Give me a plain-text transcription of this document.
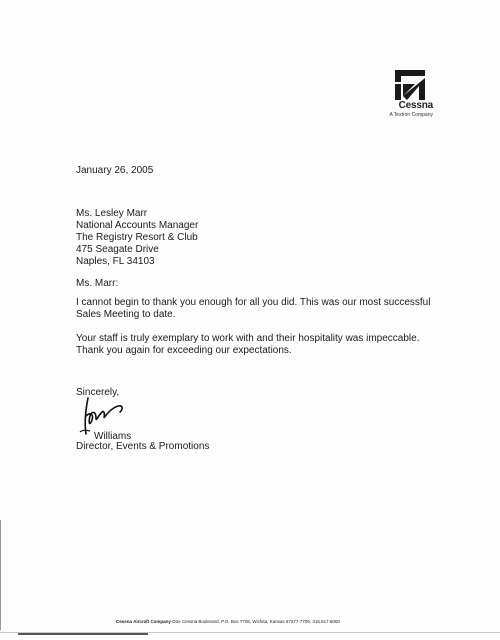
Cessna
A Textron Company
January 26, 2005
Ms. Lesley Marr
National Accounts Manager
The Registry Resort & Club
475 Seagate Drive
Naples, FL 34103
Ms. Marr:
I cannot begin to thank you enough for all you did. This was our most successful
Sales Meeting to date.
Your staff is truly exemplary to work with and their hospitality was impeccable.
Thank you again for exceeding our expectations.
Sincerely,
Williams
Director, Events & Promotions
Cessna Aircraft Company One Cessna Boulevard, P.O. Box 7706, Wichita, Kansas 67277-7706, 316.517.6000
